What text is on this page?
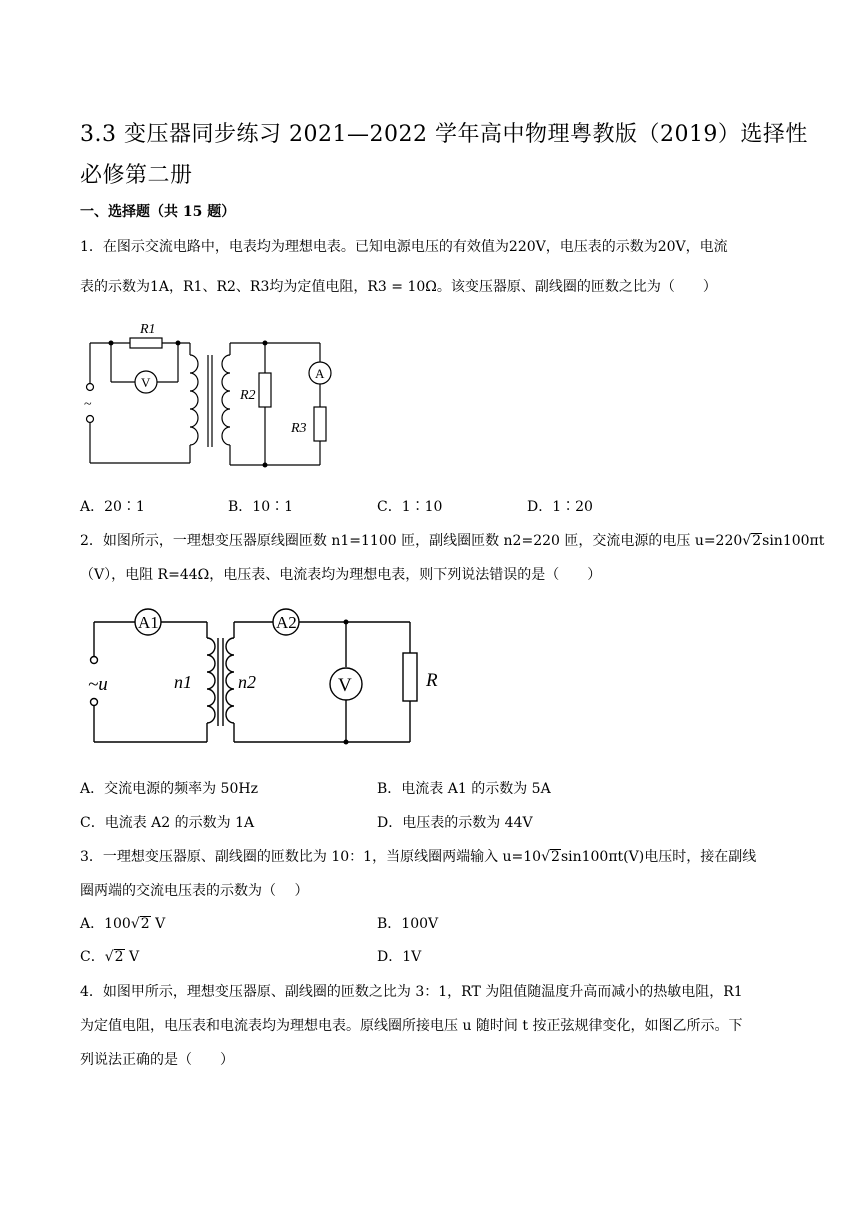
3.3 变压器同步练习 2021—2022 学年高中物理粤教版（2019）选择性
必修第二册
一、选择题（共 15 题）
1．在图示交流电路中，电表均为理想电表。已知电源电压的有效值为220V，电压表的示数为20V，电流
表的示数为1A，R1、R2、R3均为定值电阻，R3 = 10Ω。该变压器原、副线圈的匝数之比为（　　）
R1
V
A
R2
R3
~
A．20∶1	B．10∶1	C．1∶10	D．1∶20
2．如图所示，一理想变压器原线圈匝数 n1=1100 匝，副线圈匝数 n2=220 匝，交流电源的电压 u=220√2sin100πt
（V），电阻 R=44Ω，电压表、电流表均为理想电表，则下列说法错误的是（　　）
A1	A2
V	R
n1	n2
~u
A．交流电源的频率为 50Hz	B．电流表 A1 的示数为 5A
C．电流表 A2 的示数为 1A	D．电压表的示数为 44V
3．一理想变压器原、副线圈的匝数比为 10：1，当原线圈两端输入 u=10√2sin100πt(V)电压时，接在副线
圈两端的交流电压表的示数为（　 ）
A．100√2 V	B．100V
C．√2 V	D．1V
4．如图甲所示，理想变压器原、副线圈的匝数之比为 3：1，RT 为阻值随温度升高而减小的热敏电阻，R1
为定值电阻，电压表和电流表均为理想电表。原线圈所接电压 u 随时间 t 按正弦规律变化，如图乙所示。下
列说法正确的是（　　）
